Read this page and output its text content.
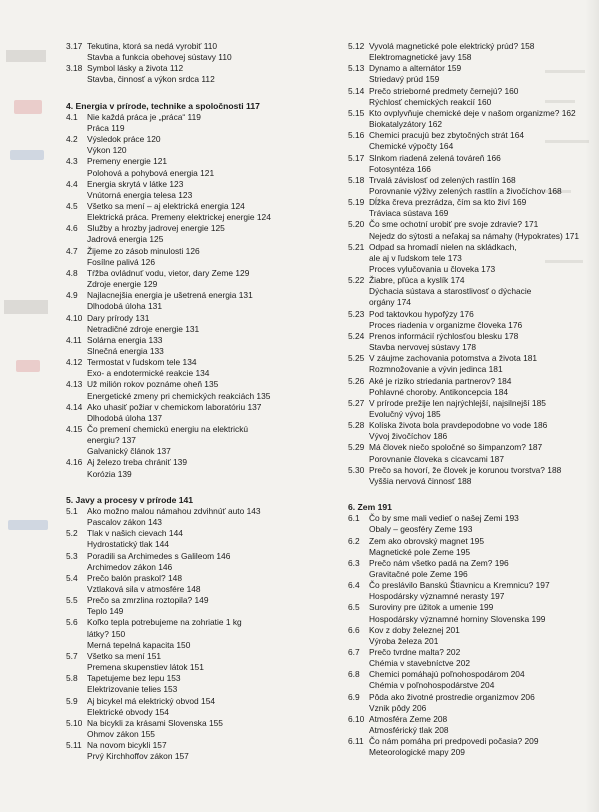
3.17 Tekutina, ktorá sa nedá vyrobiť 110
Stavba a funkcia obehovej sústavy 110
3.18 Symbol lásky a života 112
Stavba, činnosť a výkon srdca 112
4. Energia v prírode, technike a spoločnosti 117
4.1 Nie každá práca je „práca“ 119
Práca 119
4.2 Výsledok práce 120
Výkon 120
4.3 Premeny energie 121
Polohová a pohybová energia 121
4.4 Energia skrytá v látke 123
Vnútorná energia telesa 123
4.5 Všetko sa mení – aj elektrická energia 124
Elektrická práca. Premeny elektrickej energie 124
4.6 Služby a hrozby jadrovej energie 125
Jadrová energia 125
4.7 Žijeme zo zásob minulosti 126
Fosílne palivá 126
4.8 Tŕžba ovládnuť vodu, vietor, dary Zeme 129
Zdroje energie 129
4.9 Najlacnejšia energia je ušetrená energia 131
Dlhodobá úloha 131
4.10 Dary prírody 131
Netradičné zdroje energie 131
4.11 Solárna energia 133
Slnečná energia 133
4.12 Termostat v ľudskom tele 134
Exo- a endotermické reakcie 134
4.13 Už milión rokov poznáme oheň 135
Energetické zmeny pri chemických reakciách 135
4.14 Ako uhasiť požiar v chemickom laboratóriu 137
Dlhodobá úloha 137
4.15 Čo premení chemickú energiu na elektrickú
energiu? 137
Galvanický článok 137
4.16 Aj železo treba chrániť 139
Korózia 139
5. Javy a procesy v prírode 141
5.1 Ako možno malou námahou zdvihnúť auto 143
Pascalov zákon 143
5.2 Tlak v našich cievach 144
Hydrostatický tlak 144
5.3 Poradili sa Archimedes s Galileom 146
Archimedov zákon 146
5.4 Prečo balón praskol? 148
Vztlaková sila v atmosfére 148
5.5 Prečo sa zmrzlina roztopila? 149
Teplo 149
5.6 Koľko tepla potrebujeme na zohriatie 1 kg
látky? 150
Merná tepelná kapacita 150
5.7 Všetko sa mení 151
Premena skupenstiev látok 151
5.8 Tapetujeme bez lepu 153
Elektrizovanie telies 153
5.9 Aj bicykel má elektrický obvod 154
Elektrické obvody 154
5.10 Na bicykli za krásami Slovenska 155
Ohmov zákon 155
5.11 Na novom bicykli 157
Prvý Kirchhoffov zákon 157
5.12 Vyvolá magnetické pole elektrický prúd? 158
Elektromagnetické javy 158
5.13 Dynamo a alternátor 159
Striedavý prúd 159
5.14 Prečo strieborné predmety černejú? 160
Rýchlosť chemických reakcií 160
5.15 Kto ovplyvňuje chemické deje v našom organizme? 162
Biokatalyzátory 162
5.16 Chemici pracujú bez zbytočných strát 164
Chemické výpočty 164
5.17 Slnkom riadená zelená továreň 166
Fotosyntéza 166
5.18 Trvalá závislosť od zelených rastlín 168
Porovnanie výživy zelených rastlín a živočíchov 168
5.19 Dĺžka čreva prezrádza, čím sa kto živí 169
Tráviaca sústava 169
5.20 Čo sme ochotní urobiť pre svoje zdravie? 171
Nejedz do sýtosti a neľakaj sa námahy (Hypokrates) 171
5.21 Odpad sa hromadí nielen na skládkach,
ale aj v ľudskom tele 173
Proces vylučovania u človeka 173
5.22 Žiabre, pľúca a kyslík 174
Dýchacia sústava a starostlivosť o dýchacie
orgány 174
5.23 Pod taktovkou hypofýzy 176
Proces riadenia v organizme človeka 176
5.24 Prenos informácií rýchlosťou blesku 178
Stavba nervovej sústavy 178
5.25 V záujme zachovania potomstva a života 181
Rozmnožovanie a vývin jedinca 181
5.26 Aké je riziko striedania partnerov? 184
Pohlavné choroby. Antikoncepcia 184
5.27 V prírode prežije len najrýchlejší, najsilnejší 185
Evolučný vývoj 185
5.28 Kolíska života bola pravdepodobne vo vode 186
Vývoj živočíchov 186
5.29 Má človek niečo spoločné so šimpanzom? 187
Porovnanie človeka s cicavcami 187
5.30 Prečo sa hovorí, že človek je korunou tvorstva? 188
Vyššia nervová činnosť 188
6. Zem 191
6.1 Čo by sme mali vedieť o našej Zemi 193
Obaly – geosféry Zeme 193
6.2 Zem ako obrovský magnet 195
Magnetické pole Zeme 195
6.3 Prečo nám všetko padá na Zem? 196
Gravitačné pole Zeme 196
6.4 Čo preslávilo Banskú Štiavnicu a Kremnicu? 197
Hospodársky významné nerasty 197
6.5 Suroviny pre úžitok a umenie 199
Hospodársky významné horniny Slovenska 199
6.6 Kov z doby železnej 201
Výroba železa 201
6.7 Prečo tvrdne malta? 202
Chémia v stavebníctve 202
6.8 Chemici pomáhajú poľnohospodárom 204
Chémia v poľnohospodárstve 204
6.9 Pôda ako životné prostredie organizmov 206
Vznik pôdy 206
6.10 Atmosféra Zeme 208
Atmosférický tlak 208
6.11 Čo nám pomáha pri predpovedi počasia? 209
Meteorologické mapy 209
